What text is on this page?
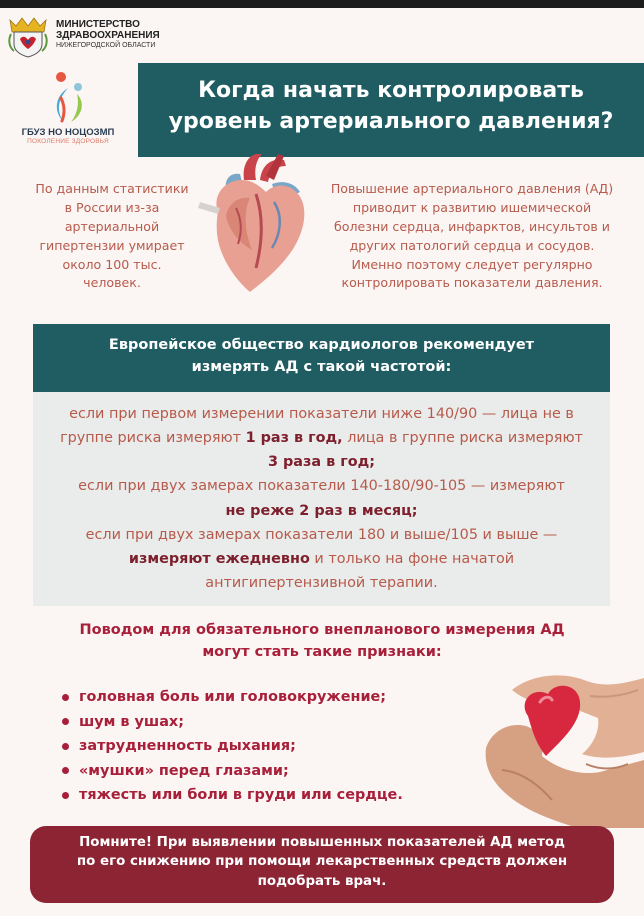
МИНИСТЕРСТВО
ЗДРАВООХРАНЕНИЯ
НИЖЕГОРОДСКОЙ ОБЛАСТИ
ГБУЗ НО НОЦОЗМП
ПОКОЛЕНИЕ ЗДОРОВЬЯ
Когда начать контролировать
уровень артериального давления?
По данным статистики
в России из-за
артериальной
гипертензии умирает
около 100 тыс.
человек.
Повышение артериального давления (АД)
приводит к развитию ишемической
болезни сердца, инфарктов, инсультов и
других патологий сердца и сосудов.
Именно поэтому следует регулярно
контролировать показатели давления.
Европейское общество кардиологов рекомендует
измерять АД с такой частотой:
если при первом измерении показатели ниже 140/90 — лица не в
группе риска измеряют 1 раз в год, лица в группе риска измеряют
3 раза в год;
если при двух замерах показатели 140-180/90-105 — измеряют
не реже 2 раз в месяц;
если при двух замерах показатели 180 и выше/105 и выше —
измеряют ежедневно и только на фоне начатой
антигипертензивной терапии.
Поводом для обязательного внепланового измерения АД
могут стать такие признаки:
головная боль или головокружение;
шум в ушах;
затрудненность дыхания;
«мушки» перед глазами;
тяжесть или боли в груди или сердце.
Помните! При выявлении повышенных показателей АД метод
по его снижению при помощи лекарственных средств должен
подобрать врач.
